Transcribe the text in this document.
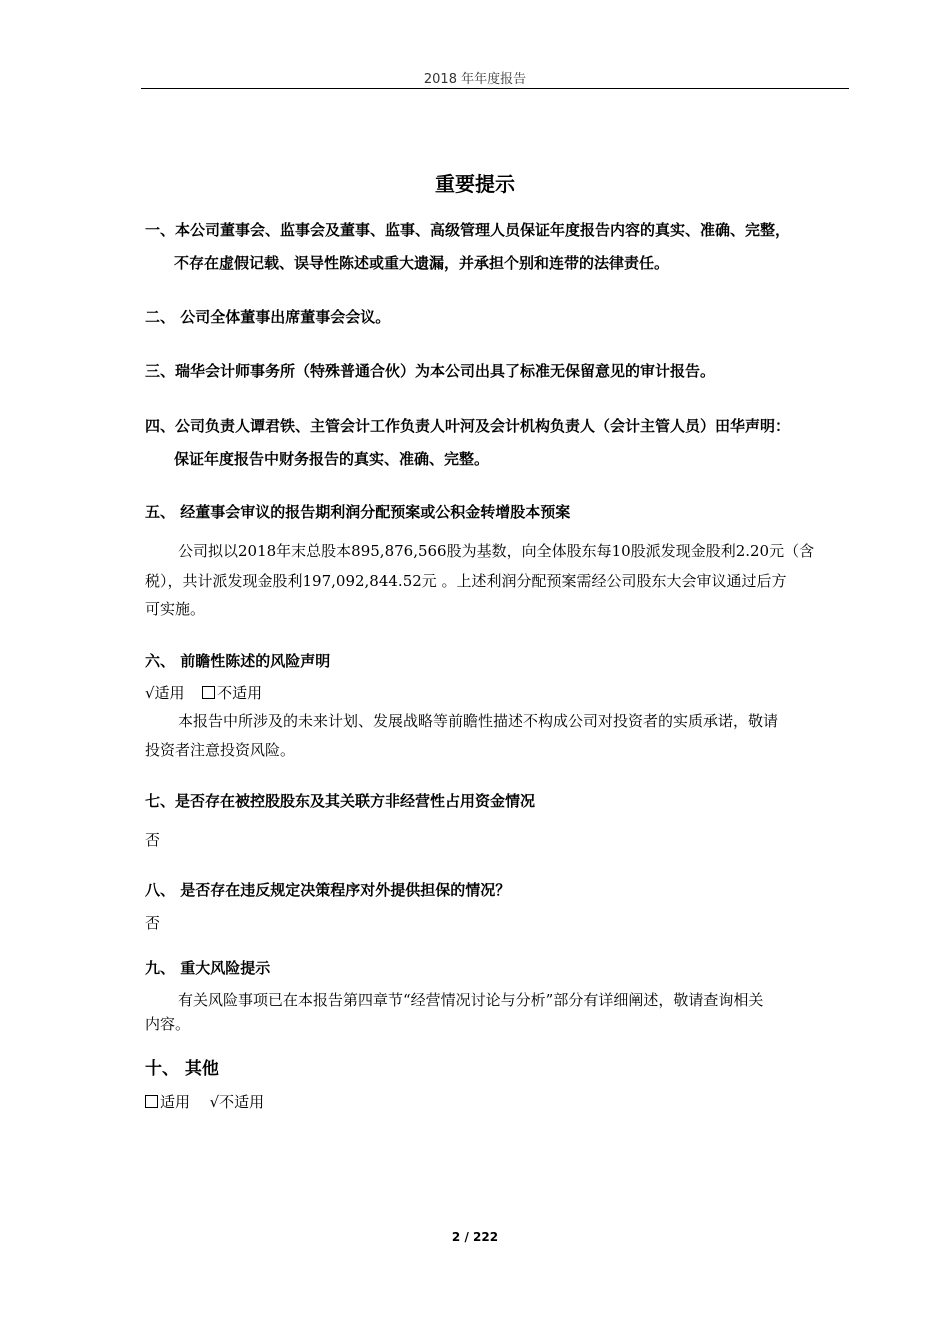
2018 年年度报告
重要提示
一、本公司董事会、监事会及董事、监事、高级管理人员保证年度报告内容的真实、准确、完整，
不存在虚假记载、误导性陈述或重大遗漏，并承担个别和连带的法律责任。
二、 公司全体董事出席董事会会议。
三、瑞华会计师事务所（特殊普通合伙）为本公司出具了标准无保留意见的审计报告。
四、公司负责人谭君铁、主管会计工作负责人叶河及会计机构负责人（会计主管人员）田华声明：
保证年度报告中财务报告的真实、准确、完整。
五、 经董事会审议的报告期利润分配预案或公积金转增股本预案
公司拟以2018年末总股本895,876,566股为基数，向全体股东每10股派发现金股利2.20元（含
税），共计派发现金股利197,092,844.52元 。上述利润分配预案需经公司股东大会审议通过后方
可实施。
六、 前瞻性陈述的风险声明
√适用 不适用
本报告中所涉及的未来计划、发展战略等前瞻性描述不构成公司对投资者的实质承诺，敬请
投资者注意投资风险。
七、是否存在被控股股东及其关联方非经营性占用资金情况
否
八、 是否存在违反规定决策程序对外提供担保的情况？
否
九、 重大风险提示
有关风险事项已在本报告第四章节“经营情况讨论与分析”部分有详细阐述，敬请查询相关
内容。
十、 其他
适用 √不适用
2 / 222
